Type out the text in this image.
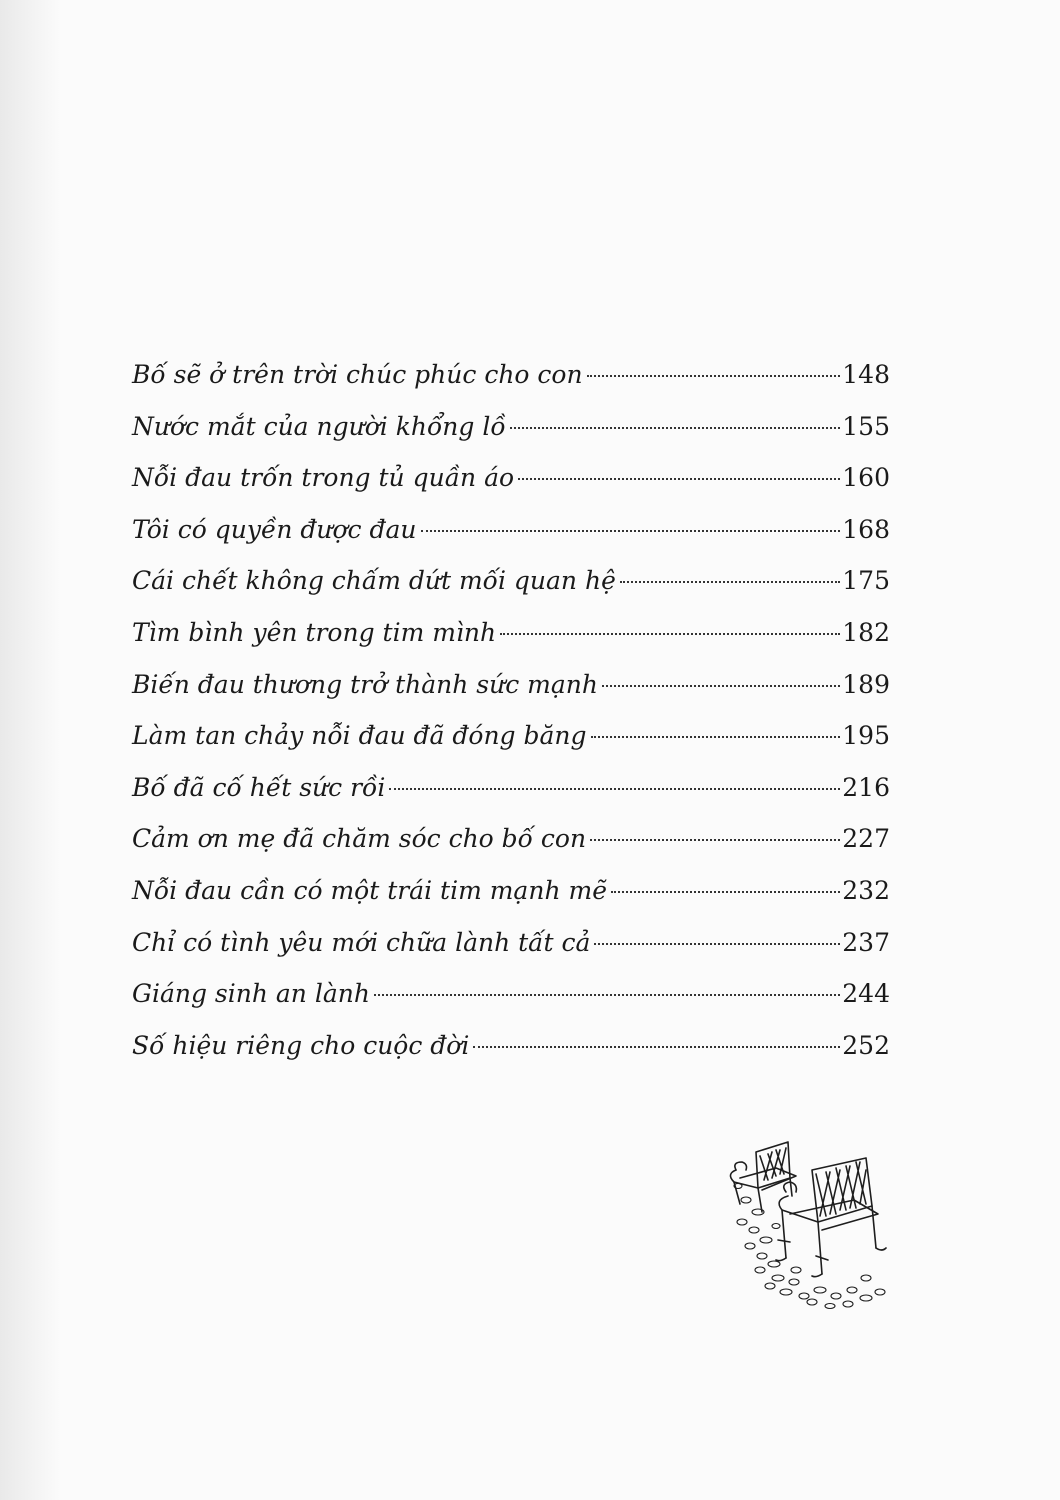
Bố sẽ ở trên trời chúc phúc cho con	148
Nước mắt của người khổng lồ	155
Nỗi đau trốn trong tủ quần áo	160
Tôi có quyền được đau	168
Cái chết không chấm dứt mối quan hệ	175
Tìm bình yên trong tim mình	182
Biến đau thương trở thành sức mạnh	189
Làm tan chảy nỗi đau đã đóng băng	195
Bố đã cố hết sức rồi	216
Cảm ơn mẹ đã chăm sóc cho bố con	227
Nỗi đau cần có một trái tim mạnh mẽ	232
Chỉ có tình yêu mới chữa lành tất cả	237
Giáng sinh an lành	244
Số hiệu riêng cho cuộc đời	252
